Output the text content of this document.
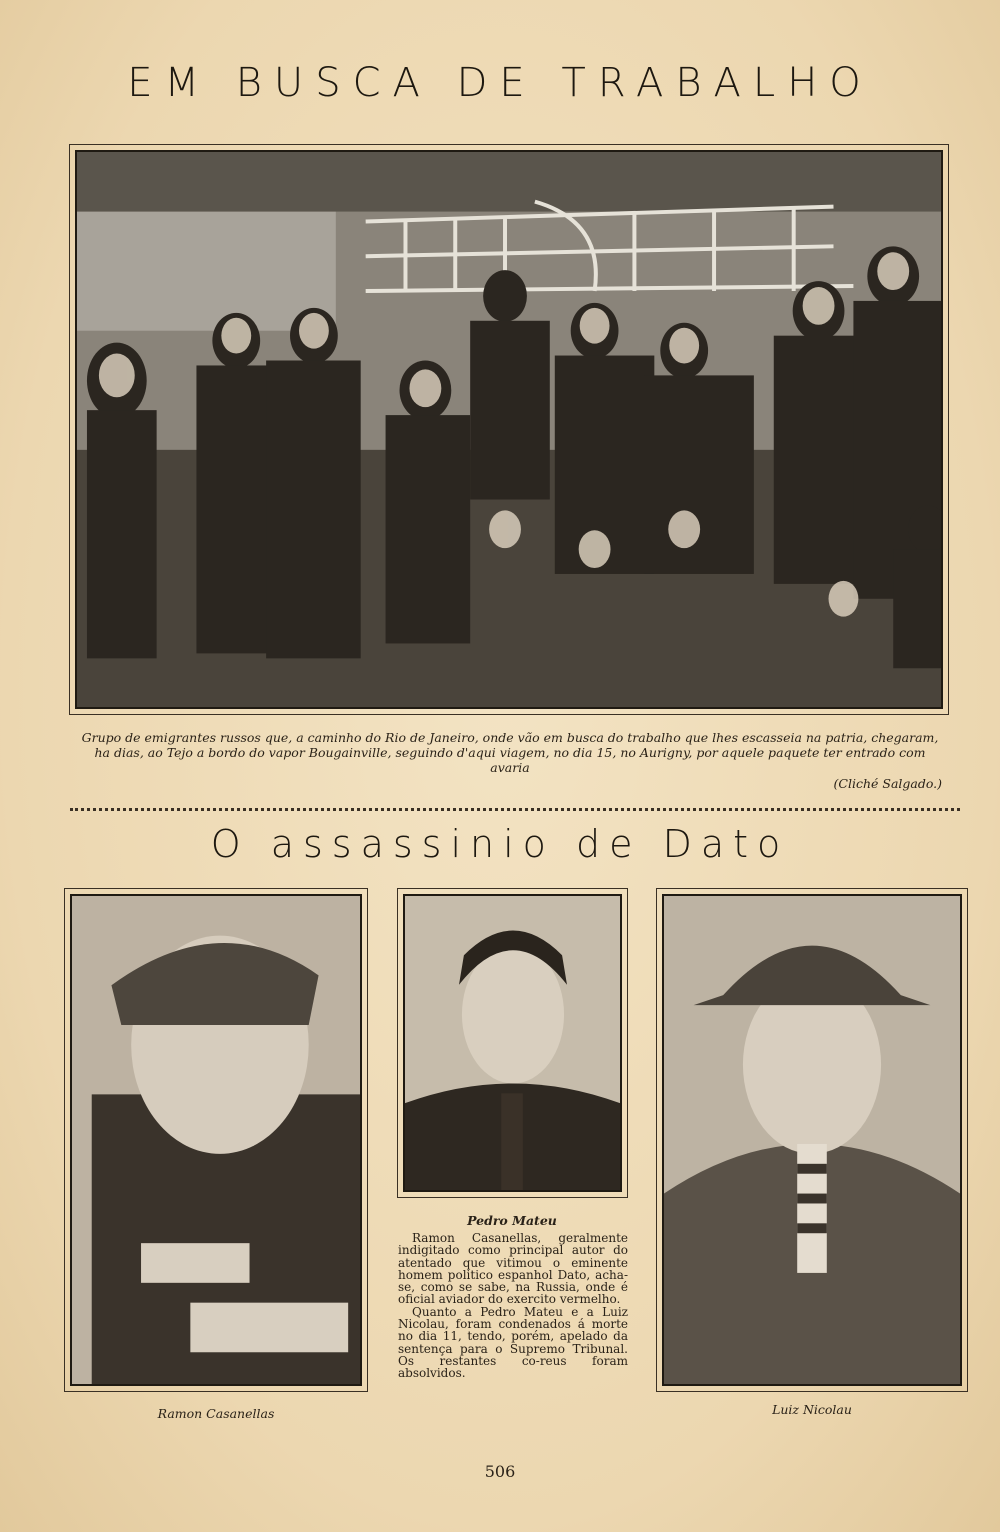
EM BUSCA DE TRABALHO
Grupo de emigrantes russos que, a caminho do Rio de Janeiro, onde vão em busca do trabalho que lhes escasseia na patria, chegaram, ha dias, ao Tejo a bordo do vapor Bougainville, seguindo d'aqui viagem, no dia 15, no Aurigny, por aquele paquete ter entrado com avaria
(Cliché Salgado.)
O assassinio de Dato
Ramon Casanellas
Pedro Mateu

Ramon Casanellas, geralmente indigitado como principal autor do atentado que vitimou o eminente homem politico espanhol Dato, acha-se, como se sabe, na Russia, onde é oficial aviador do exercito vermelho.

Quanto a Pedro Mateu e a Luiz Nicolau, foram condenados á morte no dia 11, tendo, porém, apelado da sentença para o Supremo Tribunal. Os restantes co-reus foram absolvidos.

Luiz Nicolau
506
